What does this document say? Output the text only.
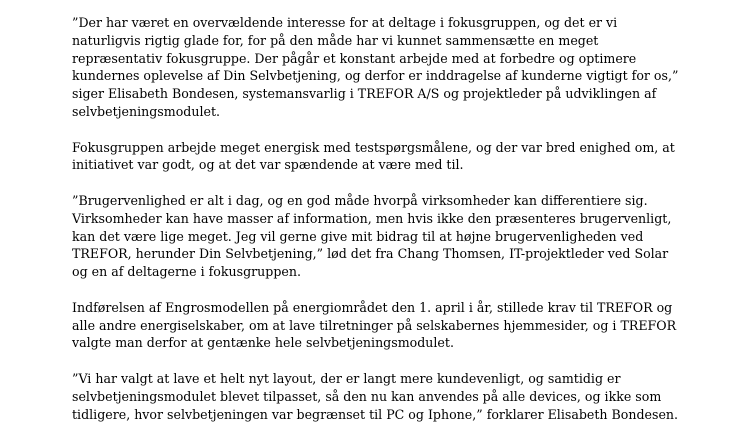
”Der har været en overvældende interesse for at deltage i fokusgruppen, og det er vi
naturligvis rigtig glade for, for på den måde har vi kunnet sammensætte en meget
repræsentativ fokusgruppe. Der pågår et konstant arbejde med at forbedre og optimere
kundernes oplevelse af Din Selvbetjening, og derfor er inddragelse af kunderne vigtigt for os,”
siger Elisabeth Bondesen, systemansvarlig i TREFOR A/S og projektleder på udviklingen af
selvbetjeningsmodulet.

Fokusgruppen arbejde meget energisk med testspørgsmålene, og der var bred enighed om, at
initiativet var godt, og at det var spændende at være med til.

”Brugervenlighed er alt i dag, og en god måde hvorpå virksomheder kan differentiere sig.
Virksomheder kan have masser af information, men hvis ikke den præsenteres brugervenligt,
kan det være lige meget. Jeg vil gerne give mit bidrag til at højne brugervenligheden ved
TREFOR, herunder Din Selvbetjening,” lød det fra Chang Thomsen, IT-projektleder ved Solar
og en af deltagerne i fokusgruppen.

Indførelsen af Engrosmodellen på energiområdet den 1. april i år, stillede krav til TREFOR og
alle andre energiselskaber, om at lave tilretninger på selskabernes hjemmesider, og i TREFOR
valgte man derfor at gentænke hele selvbetjeningsmodulet.

”Vi har valgt at lave et helt nyt layout, der er langt mere kundevenligt, og samtidig er
selvbetjeningsmodulet blevet tilpasset, så den nu kan anvendes på alle devices, og ikke som
tidligere, hvor selvbetjeningen var begrænset til PC og Iphone,” forklarer Elisabeth Bondesen.
